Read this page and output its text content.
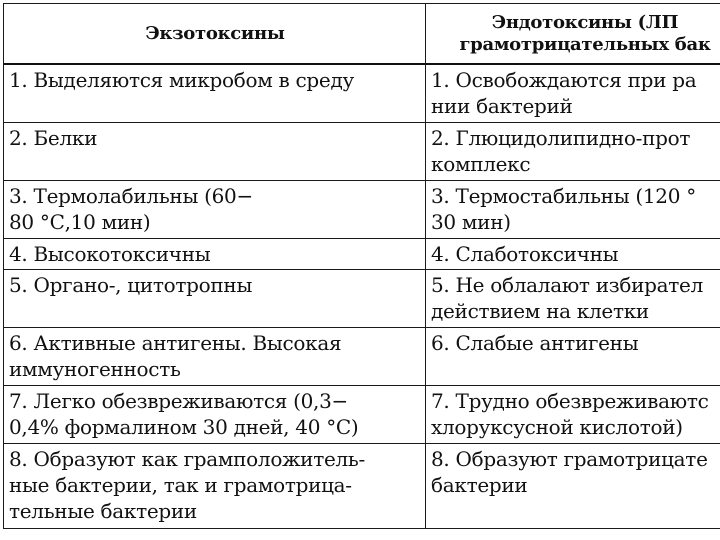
Экзотоксины	Эндотоксины (ЛП
грамотрицательных бак

1. Выделяются микробом в среду	1. Освобождаются при ра
нии бактерий

2. Белки	2. Глюцидолипидно-прот
комплекс

3. Термолабильны (60−
80 °С,10 мин)	3. Термостабильны (120 °
30 мин)

4. Высокотоксичны	4. Слаботоксичны

5. Органо-, цитотропны	5. Не облалают избирател
действием на клетки

6. Активные антигены. Высокая
иммуногенность	6. Слабые антигены

7. Легко обезвреживаются (0,3−
0,4% формалином 30 дней, 40 °С)	7. Трудно обезвреживаютс
хлоруксусной кислотой)

8. Образуют как грамположитель-
ные бактерии, так и грамотрица-
тельные бактерии	8. Образуют грамотрицате
бактерии
